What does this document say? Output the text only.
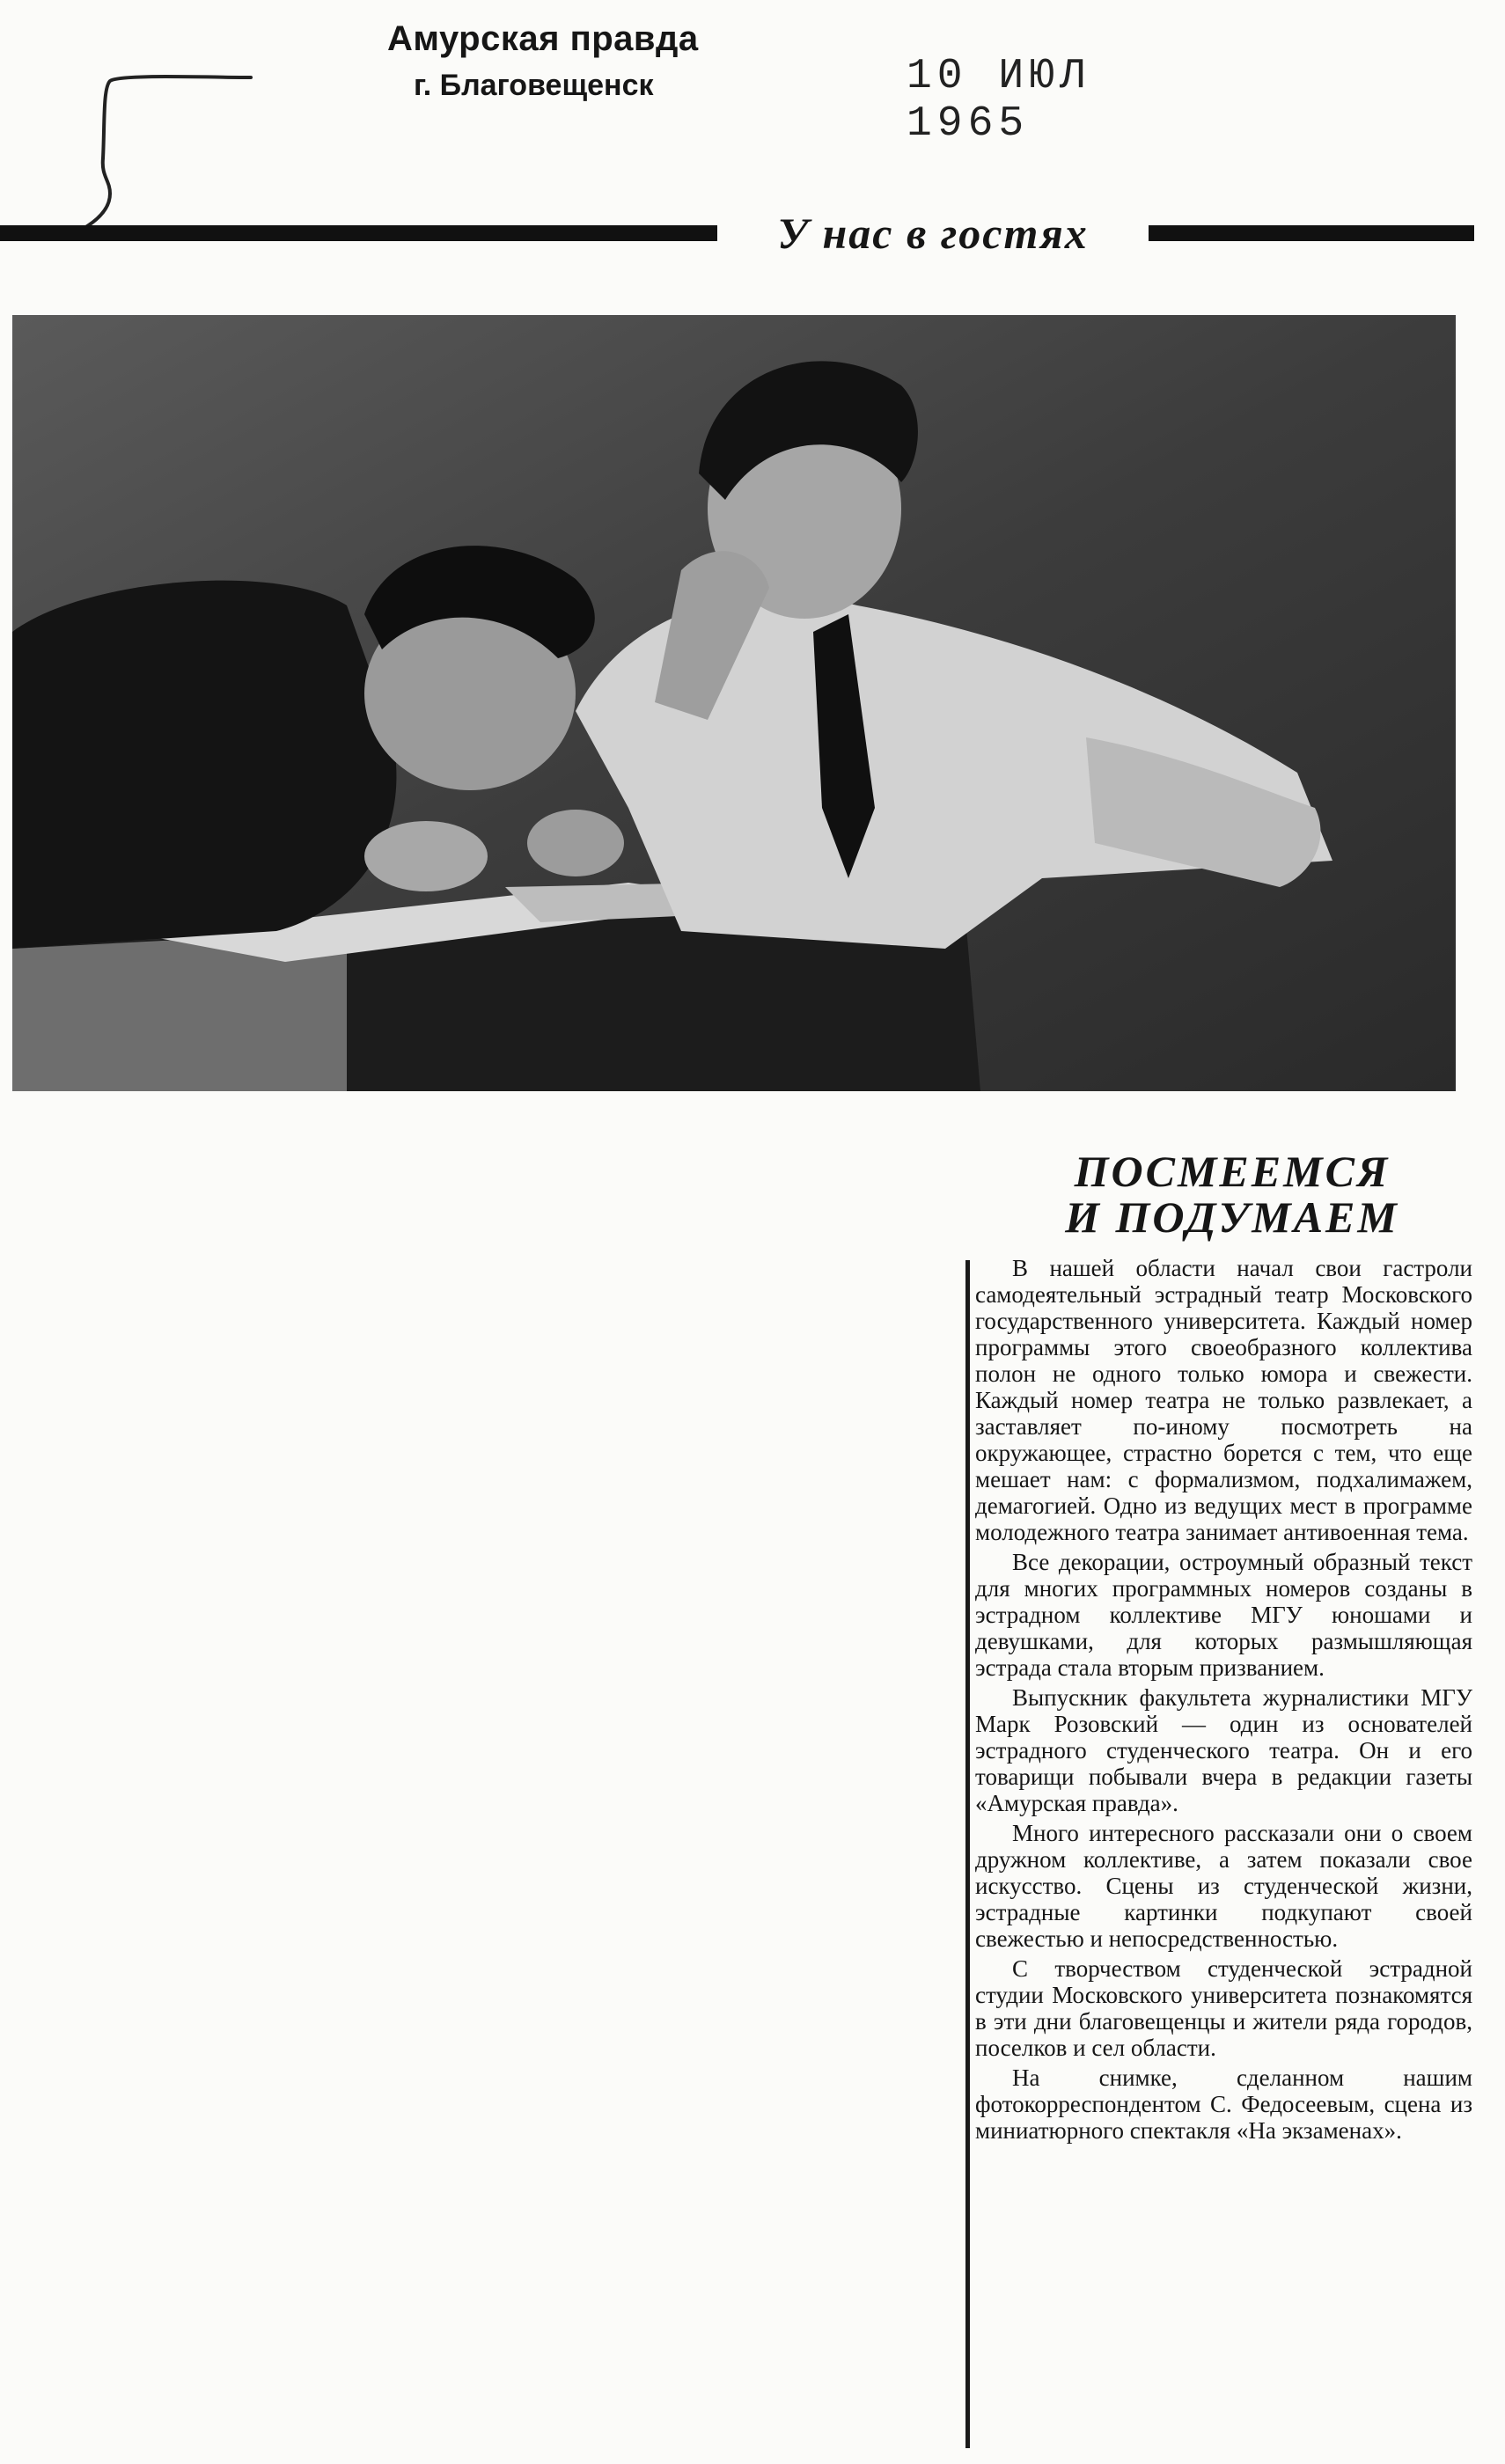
Амурская правда
г. Благовещенск	10 ИЮЛ 1965
У нас в гостях
ПОСМЕЕМСЯ
И ПОДУМАЕМ

В нашей области начал свои гастроли самодеятельный эстрадный театр Московского государственного университета. Каждый номер программы этого своеобразного коллектива полон не одного только юмора и свежести. Каждый номер театра не только развлекает, а заставляет по-иному посмотреть на окружающее, страстно борется с тем, что еще мешает нам: с формализмом, подхалимажем, демагогией. Одно из ведущих мест в программе молодежного театра занимает антивоенная тема.

Все декорации, остроумный образный текст для многих программных номеров созданы в эстрадном коллективе МГУ юношами и девушками, для которых размышляющая эстрада стала вторым призванием.

Выпускник факультета журналистики МГУ Марк Розовский — один из основателей эстрадного студенческого театра. Он и его товарищи побывали вчера в редакции газеты «Амурская правда».

Много интересного рассказали они о своем дружном коллективе, а затем показали свое искусство. Сцены из студенческой жизни, эстрадные картинки подкупают своей свежестью и непосредственностью.

С творчеством студенческой эстрадной студии Московского университета познакомятся в эти дни благовещенцы и жители ряда городов, поселков и сел области.

На снимке, сделанном нашим фотокорреспондентом С. Федосеевым, сцена из миниатюрного спектакля «На экзаменах».
